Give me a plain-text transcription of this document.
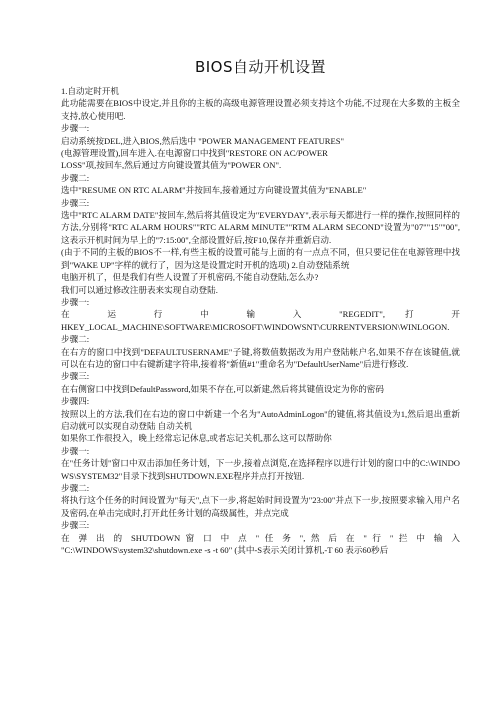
BIOS自动开机设置

1.自动定时开机

此功能需要在BIOS中设定,并且你的主板的高级电源管理设置必须支持这个功能,不过现在大多数的主板全支持,放心使用吧.

步骤一:

启动系统按DEL,进入BIOS,然后选中 "POWER MANAGEMENT FEATURES"

(电源管理设置),回车进入.在电源窗口中找到"RESTORE ON AC/POWER

LOSS"项,按回车,然后通过方向键设置其值为"POWER ON".

步骤二:

选中"RESUME ON RTC ALARM"并按回车,接着通过方向键设置其值为"ENABLE"

步骤三:

选中"RTC ALARM DATE"按回车,然后将其值设定为"EVERYDAY",表示每天都进行一样的操作,按照同样的方法,分别将"RTC ALARM HOURS""RTC ALARM MINUTE""RTM ALARM SECOND"设置为"07""15""00",这表示开机时间为早上的"7:15:00",全部设置好后,按F10,保存并重新启动.

(由于不同的主板的BIOS不一样,有些主板的设置可能与上面的有一点点不同，但只要记住在电源管理中找到"WAKE UP"字样的就行了，因为这是设置定时开机的选项) 2.自动登陆系统

电脑开机了，但是我们有些人设置了开机密码,不能自动登陆,怎么办?

我们可以通过修改注册表来实现自动登陆.

步骤一:

在 运 行 中 输 入 "REGEDIT", 打 开

HKEY_LOCAL_MACHINE\SOFTWARE\MICROSOFT\WINDOWSNT\CURRENTVERSION\WINLOGON.

步骤二:

在右方的窗口中找到"DEFAULTUSERNAME"子键,将数值数据改为用户登陆帐户名,如果不存在该键值,就可以在右边的窗口中右键新建字符串,接着将"新值#1"重命名为"DefaultUserName"后进行修改.

步骤三:

在右侧窗口中找到DefaultPassword,如果不存在,可以新建,然后将其键值设定为你的密码

步骤四:

按照以上的方法,我们在右边的窗口中新建一个名为"AutoAdminLogon"的键值,将其值设为1,然后退出重新启动就可以实现自动登陆 自动关机

如果你工作很投入，晚上经常忘记休息,或者忘记关机,那么这可以帮助你

步骤一:

在"任务计划"窗口中双击添加任务计划，下一步,接着点浏览,在选择程序以进行计划的窗口中的C:\WINDOWS\SYSTEM32"目录下找到SHUTDOWN.EXE程序并点打开按钮.

步骤二:

将执行这个任务的时间设置为"每天",点下一步,将起始时间设置为"23:00"并点下一步,按照要求输入用户名及密码,在单击完成时,打开此任务计划的高级属性，并点完成

步骤三:

在 弹 出 的 SHUTDOWN 窗 口 中 点 " 任 务 ", 然 后 在 " 行 " 拦 中 输 入

"C:\WINDOWS\system32\shutdown.exe -s -t 60" (其中-S表示关闭计算机,-T 60 表示60秒后
